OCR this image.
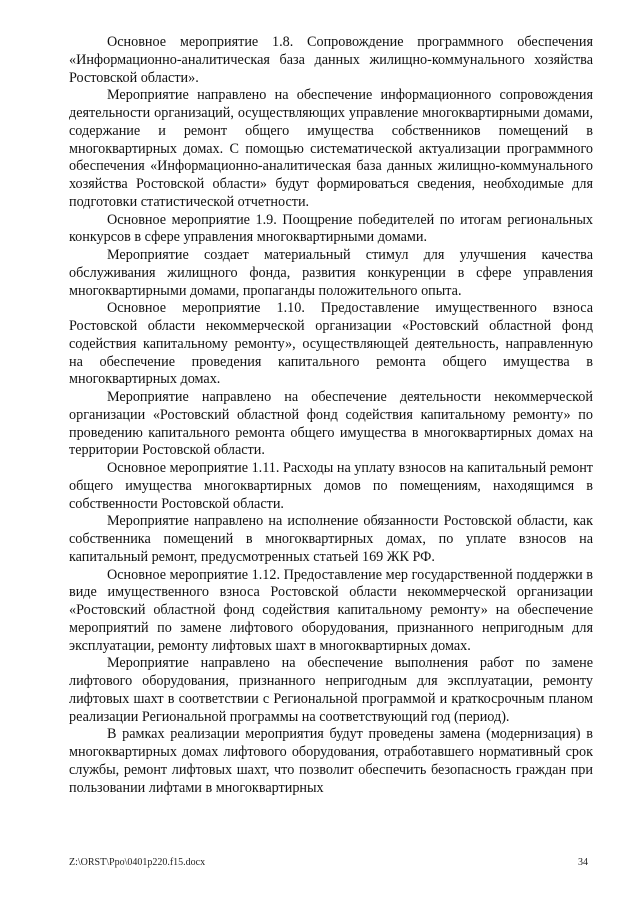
Основное мероприятие 1.8. Сопровождение программного обеспечения «Информационно-аналитическая база данных жилищно-коммунального хозяйства Ростовской области».

Мероприятие направлено на обеспечение информационного сопровождения деятельности организаций, осуществляющих управление многоквартирными домами, содержание и ремонт общего имущества собственников помещений в многоквартирных домах. С помощью систематической актуализации программного обеспечения «Информационно-аналитическая база данных жилищно-коммунального хозяйства Ростовской области» будут формироваться сведения, необходимые для подготовки статистической отчетности.

Основное мероприятие 1.9. Поощрение победителей по итогам региональных конкурсов в сфере управления многоквартирными домами.

Мероприятие создает материальный стимул для улучшения качества обслуживания жилищного фонда, развития конкуренции в сфере управления многоквартирными домами, пропаганды положительного опыта.

Основное мероприятие 1.10. Предоставление имущественного взноса Ростовской области некоммерческой организации «Ростовский областной фонд содействия капитальному ремонту», осуществляющей деятельность, направленную на обеспечение проведения капитального ремонта общего имущества в многоквартирных домах.

Мероприятие направлено на обеспечение деятельности некоммерческой организации «Ростовский областной фонд содействия капитальному ремонту» по проведению капитального ремонта общего имущества в многоквартирных домах на территории Ростовской области.

Основное мероприятие 1.11. Расходы на уплату взносов на капитальный ремонт общего имущества многоквартирных домов по помещениям, находящимся в собственности Ростовской области.

Мероприятие направлено на исполнение обязанности Ростовской области, как собственника помещений в многоквартирных домах, по уплате взносов на капитальный ремонт, предусмотренных статьей 169 ЖК РФ.

Основное мероприятие 1.12. Предоставление мер государственной поддержки в виде имущественного взноса Ростовской области некоммерческой организации «Ростовский областной фонд содействия капитальному ремонту» на обеспечение мероприятий по замене лифтового оборудования, признанного непригодным для эксплуатации, ремонту лифтовых шахт в многоквартирных домах.

Мероприятие направлено на обеспечение выполнения работ по замене лифтового оборудования, признанного непригодным для эксплуатации, ремонту лифтовых шахт в соответствии с Региональной программой и краткосрочным планом реализации Региональной программы на соответствующий год (период).

В рамках реализации мероприятия будут проведены замена (модернизация) в многоквартирных домах лифтового оборудования, отработавшего нормативный срок службы, ремонт лифтовых шахт, что позволит обеспечить безопасность граждан при пользовании лифтами в многоквартирных

Z:\ORST\Ppo\0401p220.f15.docx	34
